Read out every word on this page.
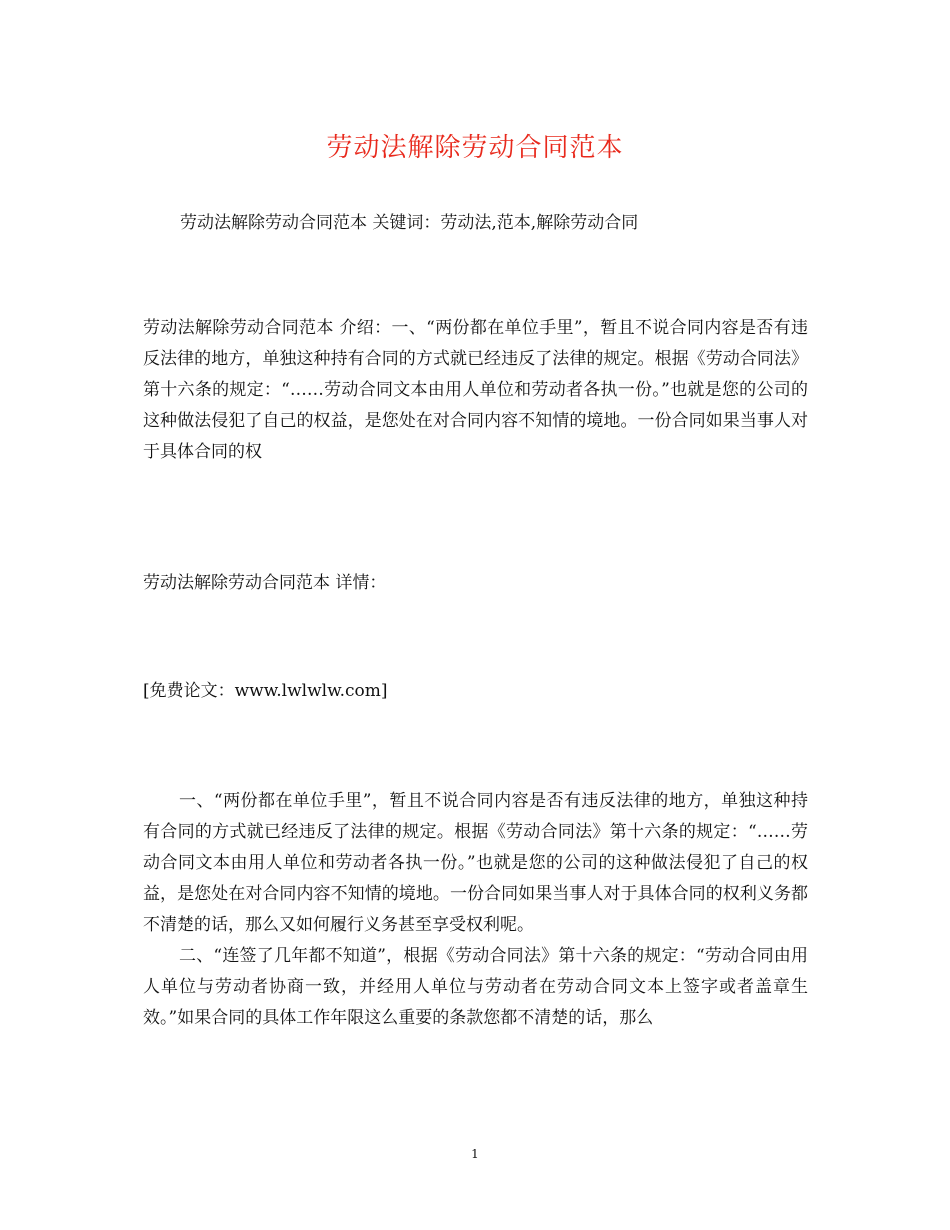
劳动法解除劳动合同范本
劳动法解除劳动合同范本 关键词：劳动法,范本,解除劳动合同
劳动法解除劳动合同范本 介绍：一、“两份都在单位手里”，暂且不说合同内容是否有违反法律的地方，单独这种持有合同的方式就已经违反了法律的规定。根据《劳动合同法》第十六条的规定：“……劳动合同文本由用人单位和劳动者各执一份。”也就是您的公司的这种做法侵犯了自己的权益，是您处在对合同内容不知情的境地。一份合同如果当事人对于具体合同的权
劳动法解除劳动合同范本 详情：
[免费论文：www.lwlwlw.com]

一、“两份都在单位手里”，暂且不说合同内容是否有违反法律的地方，单独这种持有合同的方式就已经违反了法律的规定。根据《劳动合同法》第十六条的规定：“……劳动合同文本由用人单位和劳动者各执一份。”也就是您的公司的这种做法侵犯了自己的权益，是您处在对合同内容不知情的境地。一份合同如果当事人对于具体合同的权利义务都不清楚的话，那么又如何履行义务甚至享受权利呢。

二、“连签了几年都不知道”，根据《劳动合同法》第十六条的规定：“劳动合同由用人单位与劳动者协商一致，并经用人单位与劳动者在劳动合同文本上签字或者盖章生效。”如果合同的具体工作年限这么重要的条款您都不清楚的话，那么

1
